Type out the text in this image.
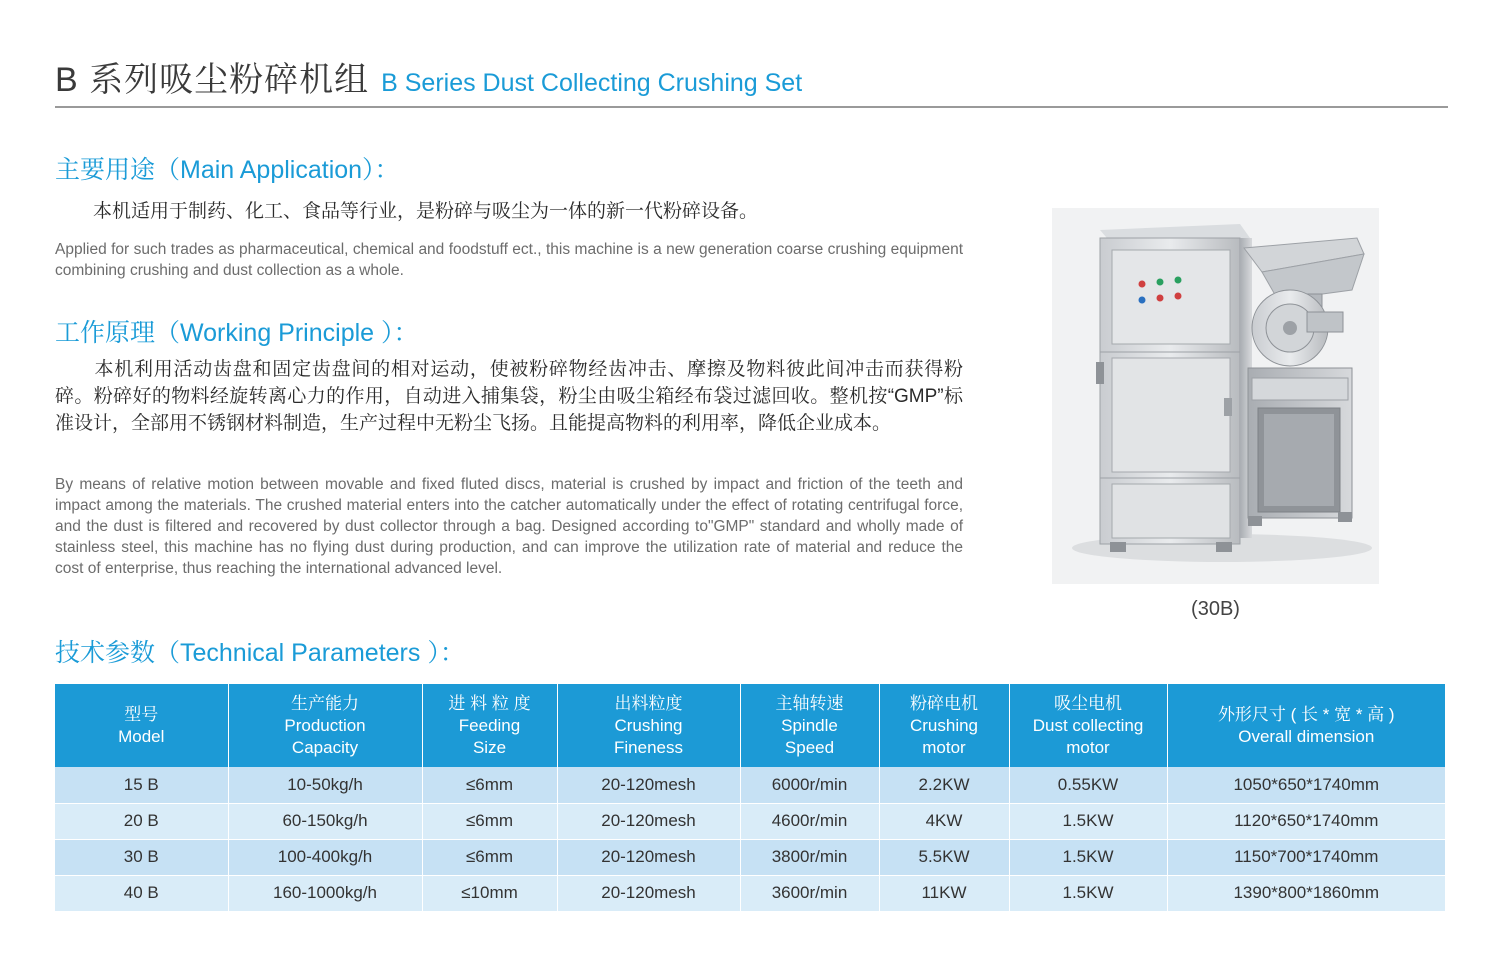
B 系列吸尘粉碎机组 B Series Dust Collecting Crushing Set
主要用途（Main Application）：
　　本机适用于制药、化工、食品等行业，是粉碎与吸尘为一体的新一代粉碎设备。
Applied for such trades as pharmaceutical, chemical and foodstuff ect., this machine is a new generation coarse crushing equipment combining crushing and dust collection as a whole.
工作原理（Working Principle ）：
　　本机利用活动齿盘和固定齿盘间的相对运动，使被粉碎物经齿冲击、摩擦及物料彼此间冲击而获得粉碎。粉碎好的物料经旋转离心力的作用，自动进入捕集袋，粉尘由吸尘箱经布袋过滤回收。整机按“GMP”标准设计，全部用不锈钢材料制造，生产过程中无粉尘飞扬。且能提高物料的利用率，降低企业成本。
By means of relative motion between movable and fixed fluted discs, material is crushed by impact and friction of the teeth and impact among the materials. The crushed material enters into the catcher automatically under the effect of rotating centrifugal force, and the dust is filtered and recovered by dust collector through a bag. Designed according to"GMP" standard and wholly made of stainless steel, this machine has no flying dust during production, and can improve the utilization rate of material and reduce the cost of enterprise, thus reaching the international advanced level.
(30B)
技术参数（Technical Parameters ）：
型号
Model	生产能力
Production
Capacity	进 料 粒 度
Feeding
Size	出料粒度
Crushing
Fineness	主轴转速
Spindle
Speed	粉碎电机
Crushing
motor	吸尘电机
Dust collecting
motor	外形尺寸 ( 长 * 宽 * 高 )
Overall dimension

15 B	10-50kg/h	≤6mm	20-120mesh	6000r/min	2.2KW	0.55KW	1050*650*1740mm
20 B	60-150kg/h	≤6mm	20-120mesh	4600r/min	4KW	1.5KW	1120*650*1740mm
30 B	100-400kg/h	≤6mm	20-120mesh	3800r/min	5.5KW	1.5KW	1150*700*1740mm
40 B	160-1000kg/h	≤10mm	20-120mesh	3600r/min	11KW	1.5KW	1390*800*1860mm
